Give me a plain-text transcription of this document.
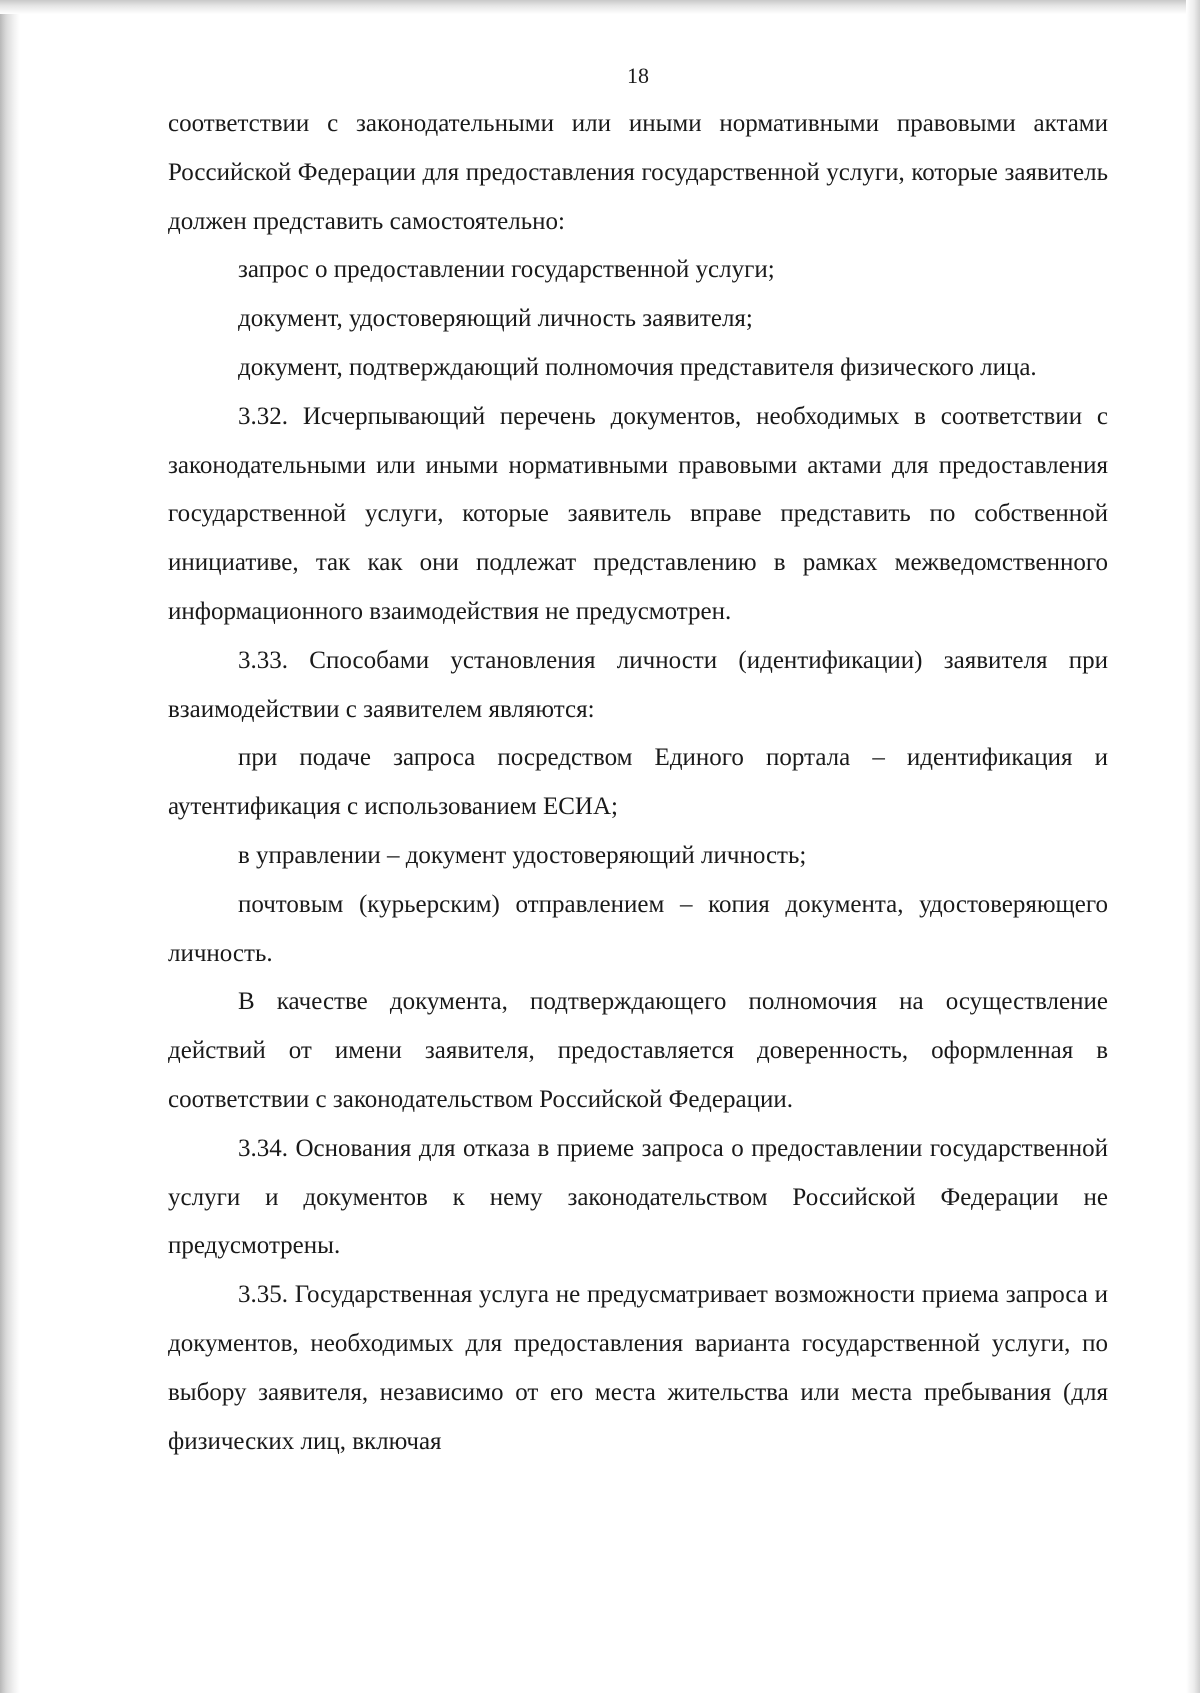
18

соответствии с законодательными или иными нормативными правовыми актами Российской Федерации для предоставления государственной услуги, которые заявитель должен представить самостоятельно:

запрос о предоставлении государственной услуги;

документ, удостоверяющий личность заявителя;

документ, подтверждающий полномочия представителя физического лица.

3.32. Исчерпывающий перечень документов, необходимых в соответствии с законодательными или иными нормативными правовыми актами для предоставления государственной услуги, которые заявитель вправе представить по собственной инициативе, так как они подлежат представлению в рамках межведомственного информационного взаимодействия не предусмотрен.

3.33. Способами установления личности (идентификации) заявителя при взаимодействии с заявителем являются:

при подаче запроса посредством Единого портала – идентификация и аутентификация с использованием ЕСИА;

в управлении – документ удостоверяющий личность;

почтовым (курьерским) отправлением – копия документа, удостоверяющего личность.

В качестве документа, подтверждающего полномочия на осуществление действий от имени заявителя, предоставляется доверенность, оформленная в соответствии с законодательством Российской Федерации.

3.34. Основания для отказа в приеме запроса о предоставлении государственной услуги и документов к нему законодательством Российской Федерации не предусмотрены.

3.35. Государственная услуга не предусматривает возможности приема запроса и документов, необходимых для предоставления варианта государственной услуги, по выбору заявителя, независимо от его места жительства или места пребывания (для физических лиц, включая
